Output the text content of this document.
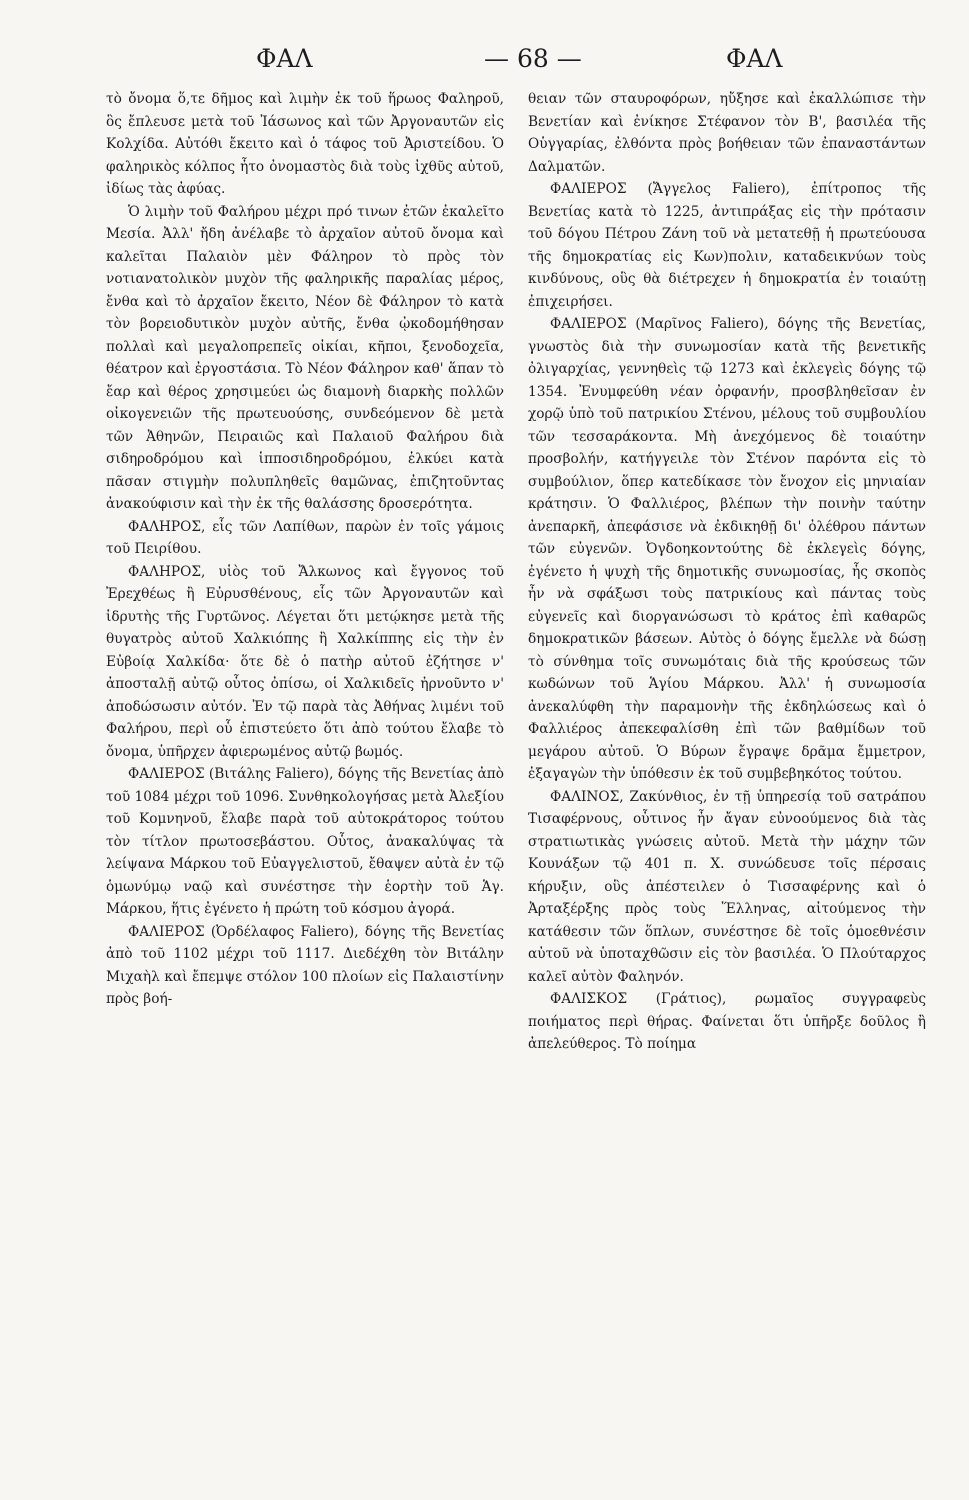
ΦΑΛ	— 68 —	ΦΑΛ

τὸ ὄνομα ὅ,τε δῆμος καὶ λιμὴν ἐκ τοῦ ἥρωος Φαληροῦ, ὃς ἔπλευσε μετὰ τοῦ Ἰάσωνος καὶ τῶν Ἀργοναυτῶν εἰς Κολχίδα. Αὐτόθι ἔκειτο καὶ ὁ τάφος τοῦ Ἀριστείδου. Ὁ φαληρικὸς κόλπος ἦτο ὀνομαστὸς διὰ τοὺς ἰχθῦς αὐτοῦ, ἰδίως τὰς ἀφύας.

Ὁ λιμὴν τοῦ Φαλήρου μέχρι πρό τινων ἐτῶν ἐκαλεῖτο Μεσία. Ἀλλ' ἤδη ἀνέλαβε τὸ ἀρχαῖον αὐτοῦ ὄνομα καὶ καλεῖται Παλαιὸν μὲν Φάληρον τὸ πρὸς τὸν νοτιανατολικὸν μυχὸν τῆς φαληρικῆς παραλίας μέρος, ἔνθα καὶ τὸ ἀρχαῖον ἔκειτο, Νέον δὲ Φάληρον τὸ κατὰ τὸν βορειοδυτικὸν μυχὸν αὐτῆς, ἔνθα ᾠκοδομήθησαν πολλαὶ καὶ μεγαλοπρεπεῖς οἰκίαι, κῆποι, ξενοδοχεῖα, θέατρον καὶ ἐργοστάσια. Τὸ Νέον Φάληρον καθ' ἅπαν τὸ ἔαρ καὶ θέρος χρησιμεύει ὡς διαμονὴ διαρκὴς πολλῶν οἰκογενειῶν τῆς πρωτευούσης, συνδεόμενον δὲ μετὰ τῶν Ἀθηνῶν, Πειραιῶς καὶ Παλαιοῦ Φαλήρου διὰ σιδηροδρόμου καὶ ἱπποσιδηροδρόμου, ἑλκύει κατὰ πᾶσαν στιγμὴν πολυπληθεῖς θαμῶνας, ἐπιζητοῦντας ἀνακούφισιν καὶ τὴν ἐκ τῆς θαλάσσης δροσερότητα.

ΦΑΛΗΡΟΣ, εἷς τῶν Λαπίθων, παρὼν ἐν τοῖς γάμοις τοῦ Πειρίθου.

ΦΑΛΗΡΟΣ, υἱὸς τοῦ Ἄλκωνος καὶ ἔγγονος τοῦ Ἐρεχθέως ἢ Εὐρυσθένους, εἷς τῶν Ἀργοναυτῶν καὶ ἱδρυτὴς τῆς Γυρτῶνος. Λέγεται ὅτι μετῴκησε μετὰ τῆς θυγατρὸς αὐτοῦ Χαλκιόπης ἢ Χαλκίππης εἰς τὴν ἐν Εὐβοίᾳ Χαλκίδα· ὅτε δὲ ὁ πατὴρ αὐτοῦ ἐζήτησε ν' ἀποσταλῇ αὐτῷ οὗτος ὀπίσω, οἱ Χαλκιδεῖς ἠρνοῦντο ν' ἀποδώσωσιν αὐτόν. Ἐν τῷ παρὰ τὰς Ἀθήνας λιμένι τοῦ Φαλήρου, περὶ οὗ ἐπιστεύετο ὅτι ἀπὸ τούτου ἔλαβε τὸ ὄνομα, ὑπῆρχεν ἀφιερωμένος αὐτῷ βωμός.

ΦΑΛΙΕΡΟΣ (Βιτάλης Faliero), δόγης τῆς Βενετίας ἀπὸ τοῦ 1084 μέχρι τοῦ 1096. Συνθηκολογήσας μετὰ Ἀλεξίου τοῦ Κομνηνοῦ, ἔλαβε παρὰ τοῦ αὐτοκράτορος τούτου τὸν τίτλον πρωτοσεβάστου. Οὗτος, ἀνακαλύψας τὰ λείψανα Μάρκου τοῦ Εὐαγγελιστοῦ, ἔθαψεν αὐτὰ ἐν τῷ ὁμωνύμῳ ναῷ καὶ συνέστησε τὴν ἑορτὴν τοῦ Ἁγ. Μάρκου, ἥτις ἐγένετο ἡ πρώτη τοῦ κόσμου ἀγορά.

ΦΑΛΙΕΡΟΣ (Ὀρδέλαφος Faliero), δόγης τῆς Βενετίας ἀπὸ τοῦ 1102 μέχρι τοῦ 1117. Διεδέχθη τὸν Βιτάλην Μιχαὴλ καὶ ἔπεμψε στόλον 100 πλοίων εἰς Παλαιστίνην πρὸς βοή-

θειαν τῶν σταυροφόρων, ηὔξησε καὶ ἐκαλλώπισε τὴν Βενετίαν καὶ ἐνίκησε Στέφανον τὸν Β', βασιλέα τῆς Οὑγγαρίας, ἐλθόντα πρὸς βοήθειαν τῶν ἐπαναστάντων Δαλματῶν.

ΦΑΛΙΕΡΟΣ (Ἄγγελος Faliero), ἐπίτροπος τῆς Βενετίας κατὰ τὸ 1225, ἀντιπράξας εἰς τὴν πρότασιν τοῦ δόγου Πέτρου Ζάνη τοῦ νὰ μετατεθῇ ἡ πρωτεύουσα τῆς δημοκρατίας εἰς Κων)πολιν, καταδεικνύων τοὺς κινδύνους, οὓς θὰ διέτρεχεν ἡ δημοκρατία ἐν τοιαύτῃ ἐπιχειρήσει.

ΦΑΛΙΕΡΟΣ (Μαρῖνος Faliero), δόγης τῆς Βενετίας, γνωστὸς διὰ τὴν συνωμοσίαν κατὰ τῆς βενετικῆς ὀλιγαρχίας, γεννηθεὶς τῷ 1273 καὶ ἐκλεγεὶς δόγης τῷ 1354. Ἐνυμφεύθη νέαν ὀρφανήν, προσβληθεῖσαν ἐν χορῷ ὑπὸ τοῦ πατρικίου Στένου, μέλους τοῦ συμβουλίου τῶν τεσσαράκοντα. Μὴ ἀνεχόμενος δὲ τοιαύτην προσβολήν, κατήγγειλε τὸν Στένον παρόντα εἰς τὸ συμβούλιον, ὅπερ κατεδίκασε τὸν ἔνοχον εἰς μηνιαίαν κράτησιν. Ὁ Φαλλιέρος, βλέπων τὴν ποινὴν ταύτην ἀνεπαρκῆ, ἀπεφάσισε νὰ ἐκδικηθῇ δι' ὀλέθρου πάντων τῶν εὐγενῶν. Ὀγδοηκοντούτης δὲ ἐκλεγεὶς δόγης, ἐγένετο ἡ ψυχὴ τῆς δημοτικῆς συνωμοσίας, ἧς σκοπὸς ἦν νὰ σφάξωσι τοὺς πατρικίους καὶ πάντας τοὺς εὐγενεῖς καὶ διοργανώσωσι τὸ κράτος ἐπὶ καθαρῶς δημοκρατικῶν βάσεων. Αὐτὸς ὁ δόγης ἔμελλε νὰ δώσῃ τὸ σύνθημα τοῖς συνωμόταις διὰ τῆς κρούσεως τῶν κωδώνων τοῦ Ἁγίου Μάρκου. Ἀλλ' ἡ συνωμοσία ἀνεκαλύφθη τὴν παραμονὴν τῆς ἐκδηλώσεως καὶ ὁ Φαλλιέρος ἀπεκεφαλίσθη ἐπὶ τῶν βαθμίδων τοῦ μεγάρου αὐτοῦ. Ὁ Βύρων ἔγραψε δρᾶμα ἔμμετρον, ἐξαγαγὼν τὴν ὑπόθεσιν ἐκ τοῦ συμβεβηκότος τούτου.

ΦΑΛΙΝΟΣ, Ζακύνθιος, ἐν τῇ ὑπηρεσίᾳ τοῦ σατράπου Τισαφέρνους, οὗτινος ἦν ἄγαν εὐνοούμενος διὰ τὰς στρατιωτικὰς γνώσεις αὐτοῦ. Μετὰ τὴν μάχην τῶν Κουνάξων τῷ 401 π. Χ. συνώδευσε τοῖς πέρσαις κήρυξιν, οὓς ἀπέστειλεν ὁ Τισσαφέρνης καὶ ὁ Ἀρταξέρξης πρὸς τοὺς Ἕλληνας, αἰτούμενος τὴν κατάθεσιν τῶν ὅπλων, συνέστησε δὲ τοῖς ὁμοεθνέσιν αὐτοῦ νὰ ὑποταχθῶσιν εἰς τὸν βασιλέα. Ὁ Πλούταρχος καλεῖ αὐτὸν Φαληνόν.

ΦΑΛΙΣΚΟΣ (Γράτιος), ρωμαῖος συγγραφεὺς ποιήματος περὶ θήρας. Φαίνεται ὅτι ὑπῆρξε δοῦλος ἢ ἀπελεύθερος. Τὸ ποίημα
